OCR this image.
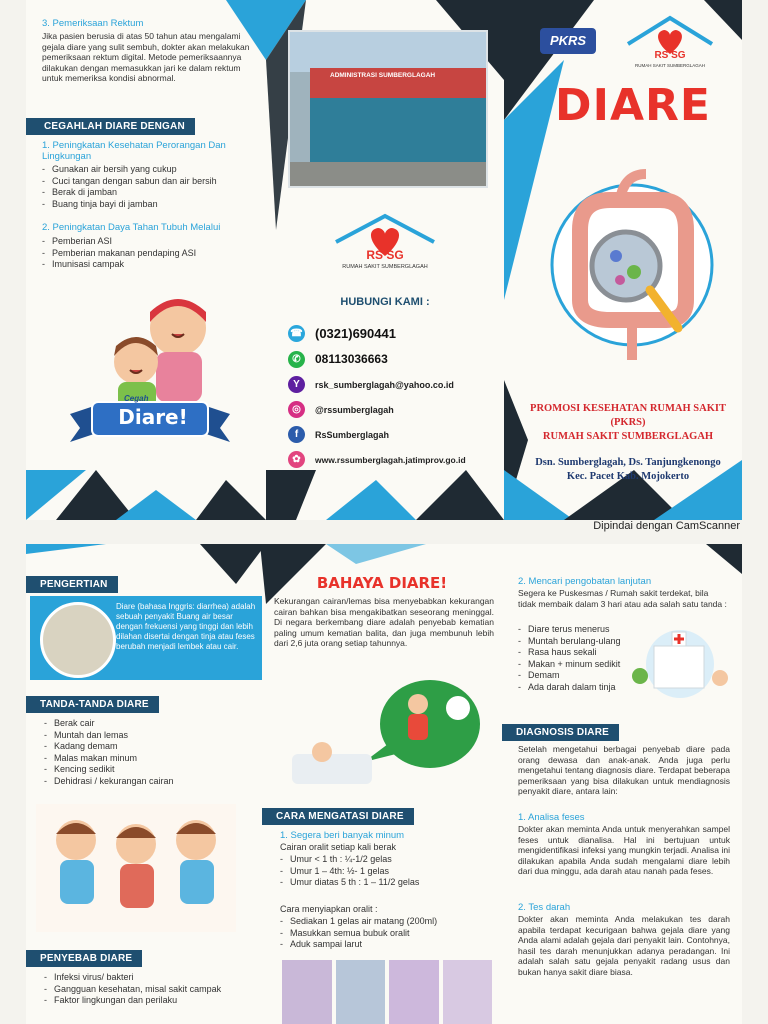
3. Pemeriksaan Rektum
Jika pasien berusia di atas 50 tahun atau mengalami gejala diare yang sulit sembuh, dokter akan melakukan pemeriksaan rektum digital. Metode pemeriksaannya dilakukan dengan memasukkan jari ke dalam rektum untuk memeriksa kondisi abnormal.
CEGAHLAH DIARE DENGAN
1. Peningkatan Kesehatan Perorangan Dan Lingkungan
- Gunakan air bersih yang cukup
- Cuci tangan dengan sabun dan air bersih
- Berak di jamban
- Buang tinja bayi di jamban
2. Peningkatan Daya Tahan Tubuh Melalui
- Pemberian ASI
- Pemberian makanan pendaping ASI
- Imunisasi campak
Cegah
Diare!
ADMINISTRASI SUMBERGLAGAH
RS SG
RUMAH SAKIT SUMBERGLAGAH
HUBUNGI KAMI :
☎ (0321)690441
✆	08113036663
Y	rsk_sumberglagah@yahoo.co.id
◎	@rssumberglagah
f	RsSumberglagah
✿	www.rssumberglagah.jatimprov.go.id
PKRS
RS SG
RUMAH SAKIT SUMBERGLAGAH
DIARE
PROMOSI KESEHATAN RUMAH SAKIT
(PKRS)
RUMAH SAKIT SUMBERGLAGAH
Dsn. Sumberglagah, Ds. Tanjungkenongo
Kec. Pacet Kab. Mojokerto
Dipindai dengan CamScanner
PENGERTIAN
Diare (bahasa Inggris: diarrhea) adalah sebuah penyakit Buang air besar dengan frekuensi yang tinggi dan lebih dilahan disertai dengan tinja atau feses berubah menjadi lembek atau cair.
TANDA-TANDA DIARE
- Berak cair
- Muntah dan lemas
- Kadang demam
- Malas makan minum
- Kencing sedikit
- Dehidrasi / kekurangan cairan
PENYEBAB DIARE
- Infeksi virus/ bakteri
- Gangguan kesehatan, misal sakit campak
- Faktor lingkungan dan perilaku
BAHAYA DIARE!
Kekurangan cairan/lemas bisa menyebabkan kekurangan cairan bahkan bisa mengakibatkan seseorang meninggal. Di negara berkembang diare adalah penyebab kematian paling umum kematian balita, dan juga membunuh lebih dari 2,6 juta orang setiap tahunnya.
CARA MENGATASI DIARE
1. Segera beri banyak minum
Cairan oralit setiap kali berak
- Umur < 1 th : ¼-1/2 gelas
- Umur 1 – 4th: ½- 1 gelas
- Umur diatas 5 th : 1 – 11/2 gelas
Cara menyiapkan oralit :
- Sediakan 1 gelas air matang (200ml)
- Masukkan semua bubuk oralit
- Aduk sampai larut
2. Mencari pengobatan lanjutan
Segera ke Puskesmas / Rumah sakit terdekat, bila tidak membaik dalam 3 hari atau ada salah satu tanda :
- Diare terus menerus
- Muntah berulang-ulang
- Rasa haus sekali
- Makan + minum sedikit
- Demam
- Ada darah dalam tinja
DIAGNOSIS DIARE
Setelah mengetahui berbagai penyebab diare pada orang dewasa dan anak-anak. Anda juga perlu mengetahui tentang diagnosis diare. Terdapat beberapa pemeriksaan yang bisa dilakukan untuk mendiagnosis penyakit diare, antara lain:
1. Analisa feses
Dokter akan meminta Anda untuk menyerahkan sampel feses untuk dianalisa. Hal ini bertujuan untuk mengidentifikasi infeksi yang mungkin terjadi. Analisa ini dilakukan apabila Anda sudah mengalami diare lebih dari dua minggu, ada darah atau nanah pada feses.
2. Tes darah
Dokter akan meminta Anda melakukan tes darah apabila terdapat kecurigaan bahwa gejala diare yang Anda alami adalah gejala dari penyakit lain. Contohnya, hasil tes darah menunjukkan adanya peradangan. Ini adalah salah satu gejala penyakit radang usus dan bukan hanya sakit diare biasa.
